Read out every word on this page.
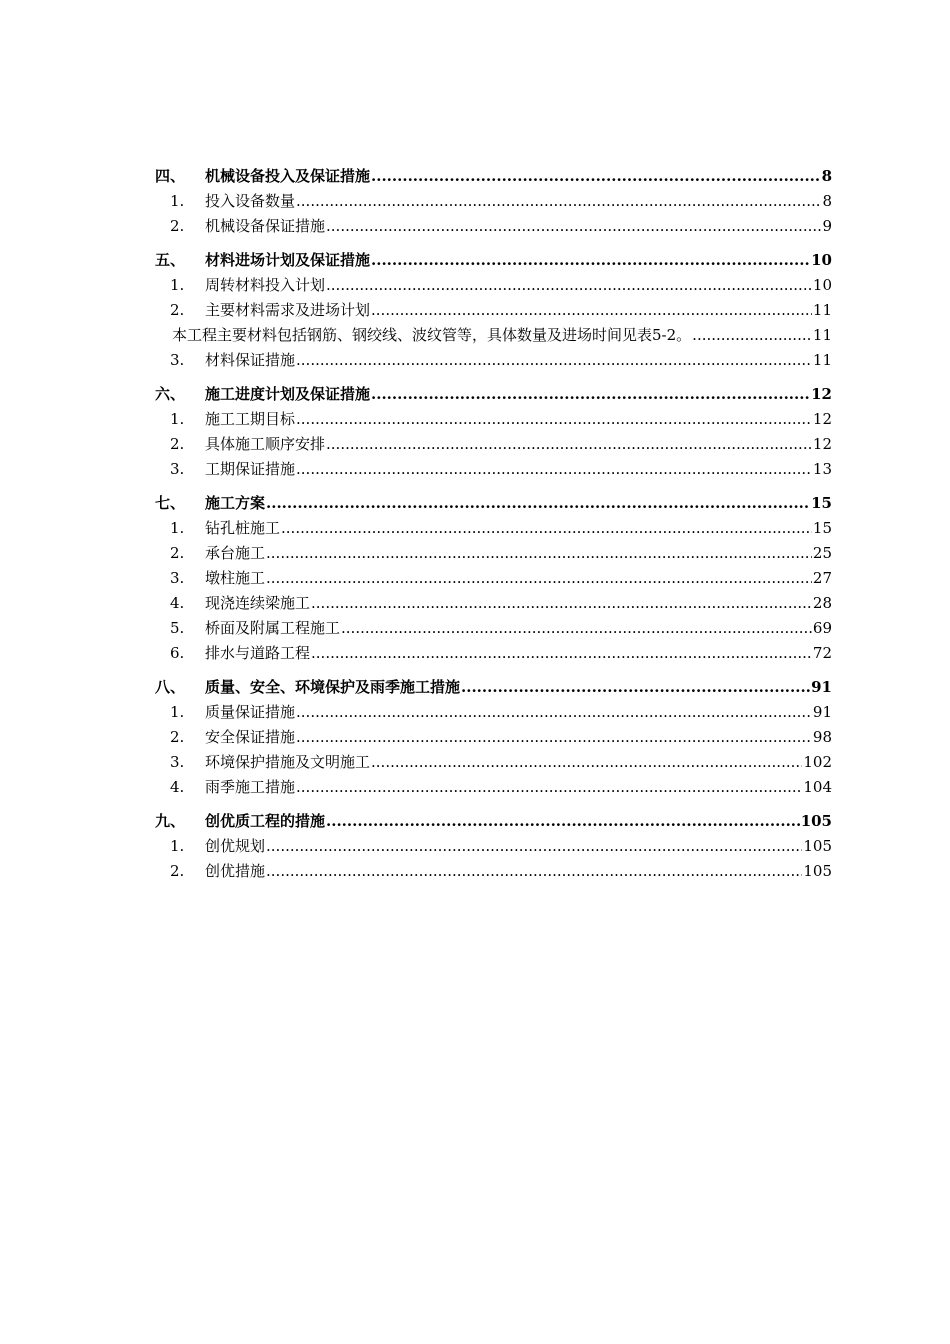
四、	机械设备投入及保证措施 .....	8
1.	投入设备数量 .....	8
2.	机械设备保证措施 .....	9
五、	材料进场计划及保证措施 .....	10
1.	周转材料投入计划 .....	10
2.	主要材料需求及进场计划 .....	11
本工程主要材料包括钢筋、钢绞线、波纹管等，具体数量及进场时间见表5-2。 .....	11
3.	材料保证措施 .....	11
六、	施工进度计划及保证措施 .....	12
1.	施工工期目标 .....	12
2.	具体施工顺序安排 .....	12
3.	工期保证措施 .....	13
七、	施工方案 .....	15
1.	钻孔桩施工 .....	15
2.	承台施工 .....	25
3.	墩柱施工 .....	27
4.	现浇连续梁施工 .....	28
5.	桥面及附属工程施工 .....	69
6.	排水与道路工程 .....	72
八、	质量、安全、环境保护及雨季施工措施 .....	91
1.	质量保证措施 .....	91
2.	安全保证措施 .....	98
3.	环境保护措施及文明施工 .....	102
4.	雨季施工措施 .....	104
九、	创优质工程的措施 .....	105
1.	创优规划 .....	105
2.	创优措施 .....	105
